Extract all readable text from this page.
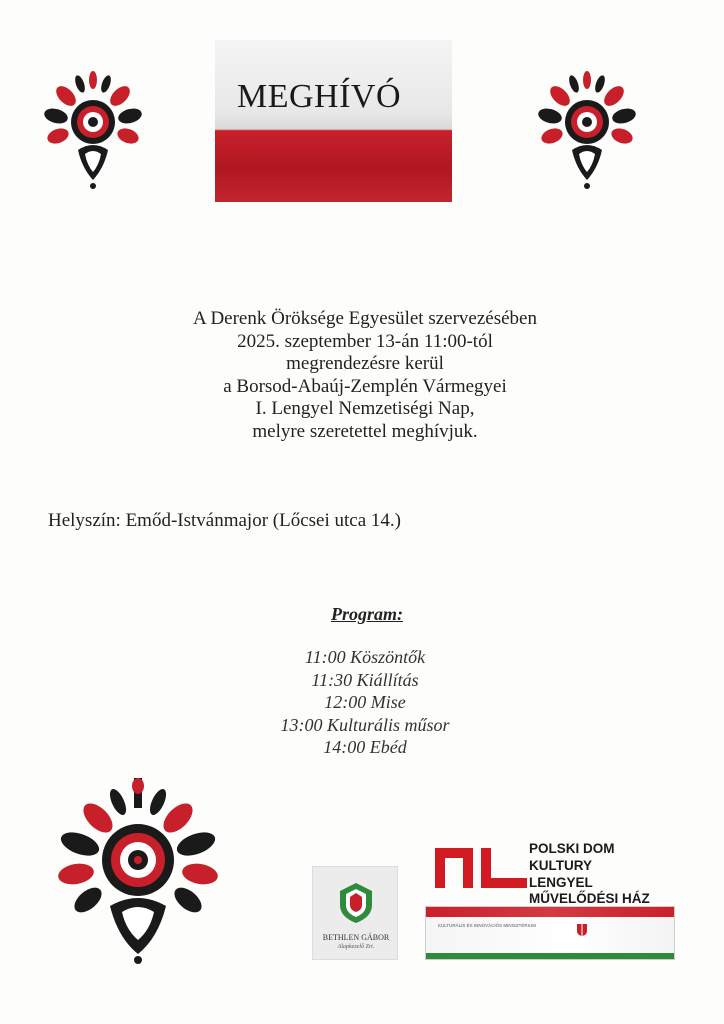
MEGHÍVÓ
A Derenk Öröksége Egyesület szervezésében
2025. szeptember 13-án 11:00-tól
megrendezésre kerül
a Borsod-Abaúj-Zemplén Vármegyei
I. Lengyel Nemzetiségi Nap,
melyre szeretettel meghívjuk.
Helyszín: Emőd-Istvánmajor (Lőcsei utca 14.)
Program:
11:00 Köszöntők
11:30 Kiállítás
12:00 Mise
13:00 Kulturális műsor
14:00 Ebéd
BETHLEN GÁBOR
Alapkezelő Zrt.
POLSKI DOM
KULTURY
LENGYEL
MŰVELŐDÉSI HÁZ
KULTURÁLIS ÉS INNOVÁCIÓS MINISZTÉRIUM
